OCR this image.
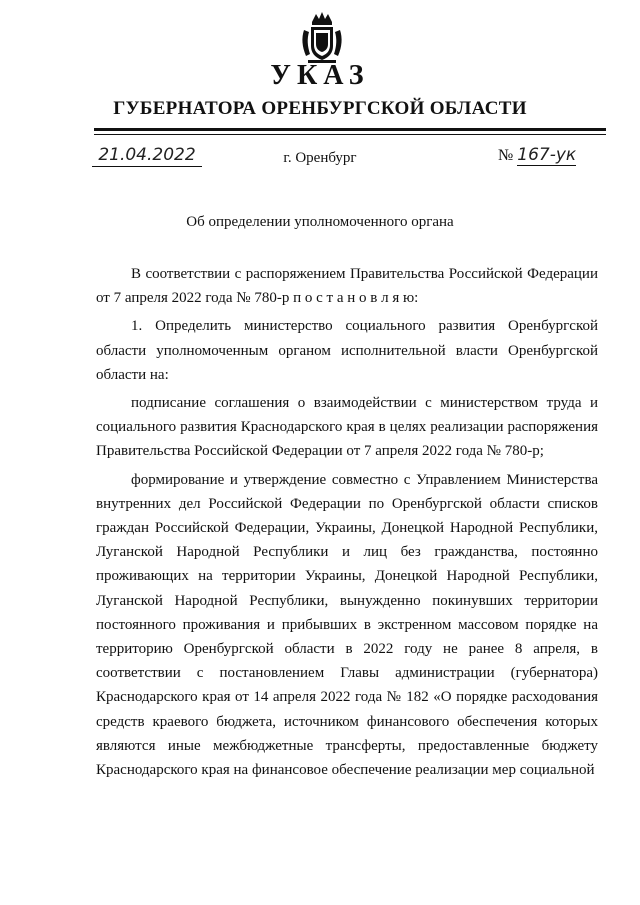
УКАЗ
ГУБЕРНАТОРА ОРЕНБУРГСКОЙ ОБЛАСТИ
21.04.2022	г. Оренбург	№ 167-ук
Об определении уполномоченного органа

В соответствии с распоряжением Правительства Российской Федерации от 7 апреля 2022 года № 780-р п о с т а н о в л я ю:

1. Определить министерство социального развития Оренбургской области уполномоченным органом исполнительной власти Оренбургской области на:

подписание соглашения о взаимодействии с министерством труда и социального развития Краснодарского края в целях реализации распоряжения Правительства Российской Федерации от 7 апреля 2022 года № 780-р;

формирование и утверждение совместно с Управлением Министерства внутренних дел Российской Федерации по Оренбургской области списков граждан Российской Федерации, Украины, Донецкой Народной Республики, Луганской Народной Республики и лиц без гражданства, постоянно проживающих на территории Украины, Донецкой Народной Республики, Луганской Народной Республики, вынужденно покинувших территории постоянного проживания и прибывших в экстренном массовом порядке на территорию Оренбургской области в 2022 году не ранее 8 апреля, в соответствии с постановлением Главы администрации (губернатора) Краснодарского края от 14 апреля 2022 года № 182 «О порядке расходования средств краевого бюджета, источником финансового обеспечения которых являются иные межбюджетные трансферты, предоставленные бюджету Краснодарского края на финансовое обеспечение реализации мер социальной
